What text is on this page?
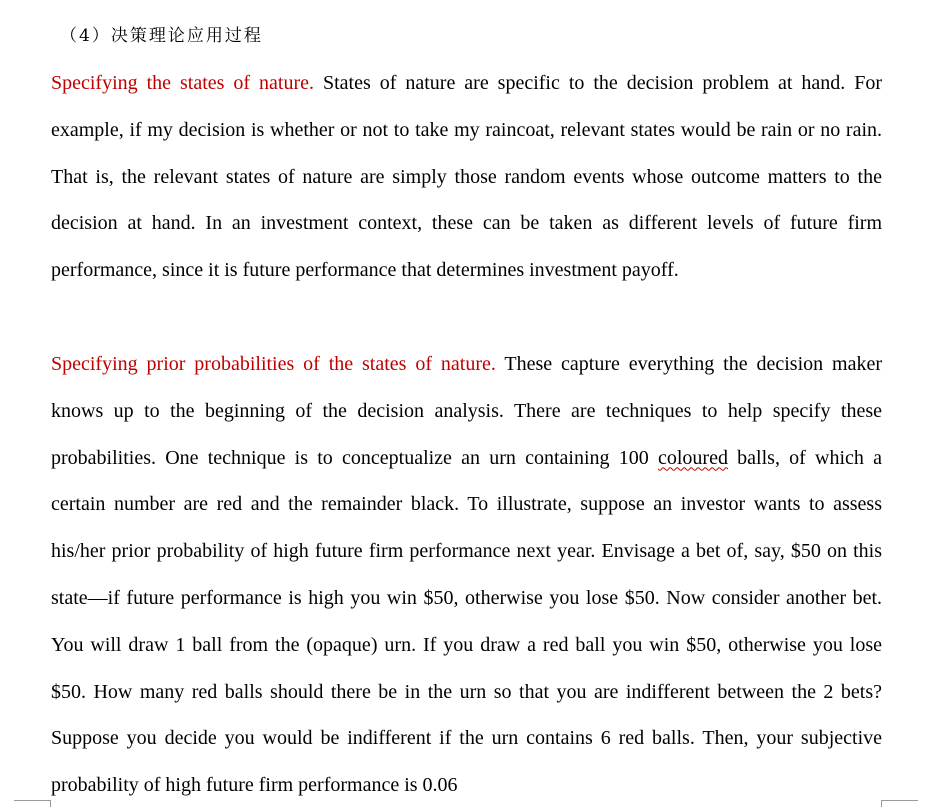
（4）决策理论应用过程

Specifying the states of nature. States of nature are specific to the decision problem at hand. For example, if my decision is whether or not to take my raincoat, relevant states would be rain or no rain. That is, the relevant states of nature are simply those random events whose outcome matters to the decision at hand. In an investment context, these can be taken as different levels of future firm performance, since it is future performance that determines investment payoff.

Specifying prior probabilities of the states of nature. These capture everything the decision maker knows up to the beginning of the decision analysis. There are techniques to help specify these probabilities. One technique is to conceptualize an urn containing 100 coloured balls, of which a certain number are red and the remainder black. To illustrate, suppose an investor wants to assess his/her prior probability of high future firm performance next year. Envisage a bet of, say, $50 on this state—if future performance is high you win $50, otherwise you lose $50. Now consider another bet. You will draw 1 ball from the (opaque) urn. If you draw a red ball you win $50, otherwise you lose $50. How many red balls should there be in the urn so that you are indifferent between the 2 bets? Suppose you decide you would be indifferent if the urn contains 6 red balls. Then, your subjective probability of high future firm performance is 0.06
